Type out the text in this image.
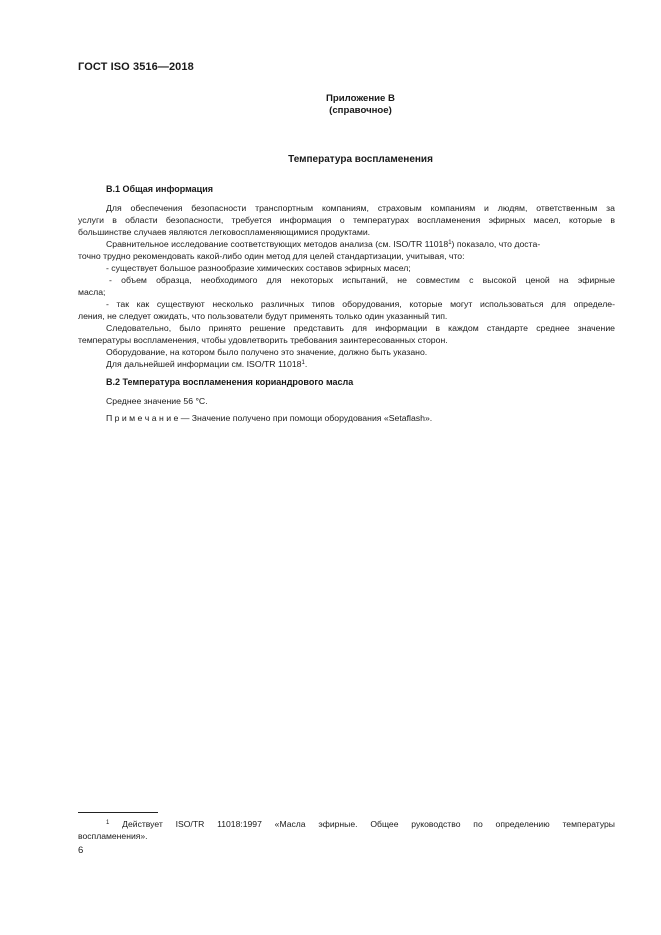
ГОСТ ISO 3516—2018
Приложение В
(справочное)
Температура воспламенения
В.1 Общая информация
Для обеспечения безопасности транспортным компаниям, страховым компаниям и людям, ответственным за
услуги в области безопасности, требуется информация о температурах воспламенения эфирных масел, которые в
большинстве случаев являются легковоспламеняющимися продуктами.
Сравнительное исследование соответствующих методов анализа (см. ISO/TR 11018$^1$) показало, что доста-
точно трудно рекомендовать какой-либо один метод для целей стандартизации, учитывая, что:
- существует большое разнообразие химических составов эфирных масел;
- объем образца, необходимого для некоторых испытаний, не совместим с высокой ценой на эфирные
масла;
- так как существуют несколько различных типов оборудования, которые могут использоваться для определе-
ления, не следует ожидать, что пользователи будут применять только один указанный тип.
Следовательно, было принято решение представить для информации в каждом стандарте среднее значение
температуры воспламенения, чтобы удовлетворить требования заинтересованных сторон.
Оборудование, на котором было получено это значение, должно быть указано.
Для дальнейшей информации см. ISO/TR 11018$^1$.
В.2 Температура воспламенения кориандрового масла
Среднее значение 56 °C.
П р и м е ч а н и е — Значение получено при помощи оборудования «Setaflash».
$^1$ Действует ISO/TR 11018:1997 «Масла эфирные. Общее руководство по определению температуры
воспламенения».
6
